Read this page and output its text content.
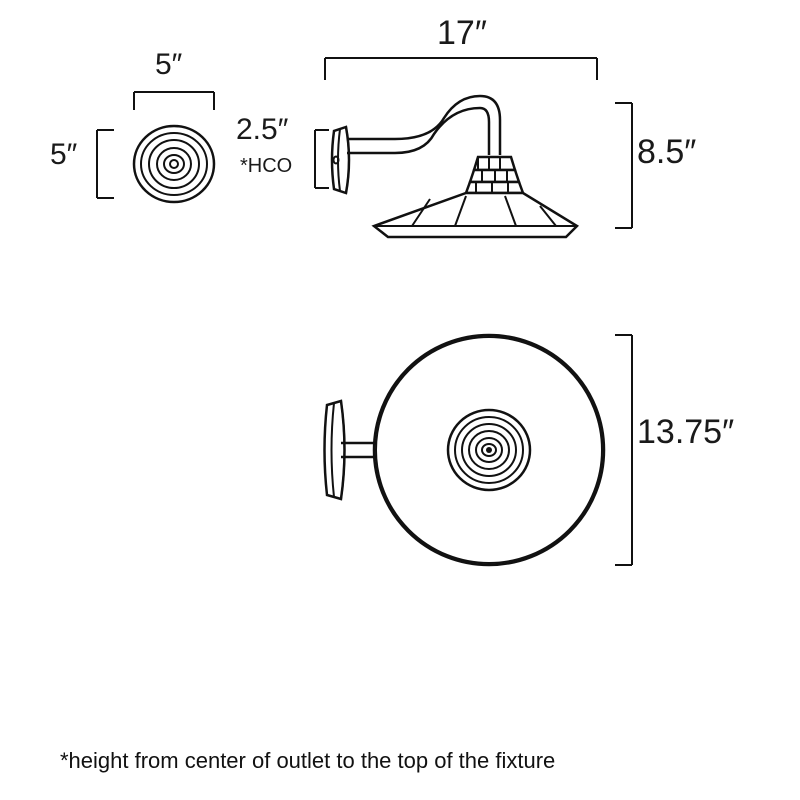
5″
5″
17″
8.5″
2.5″
*HCO
13.75″
*height from center of outlet to the top of the fixture
